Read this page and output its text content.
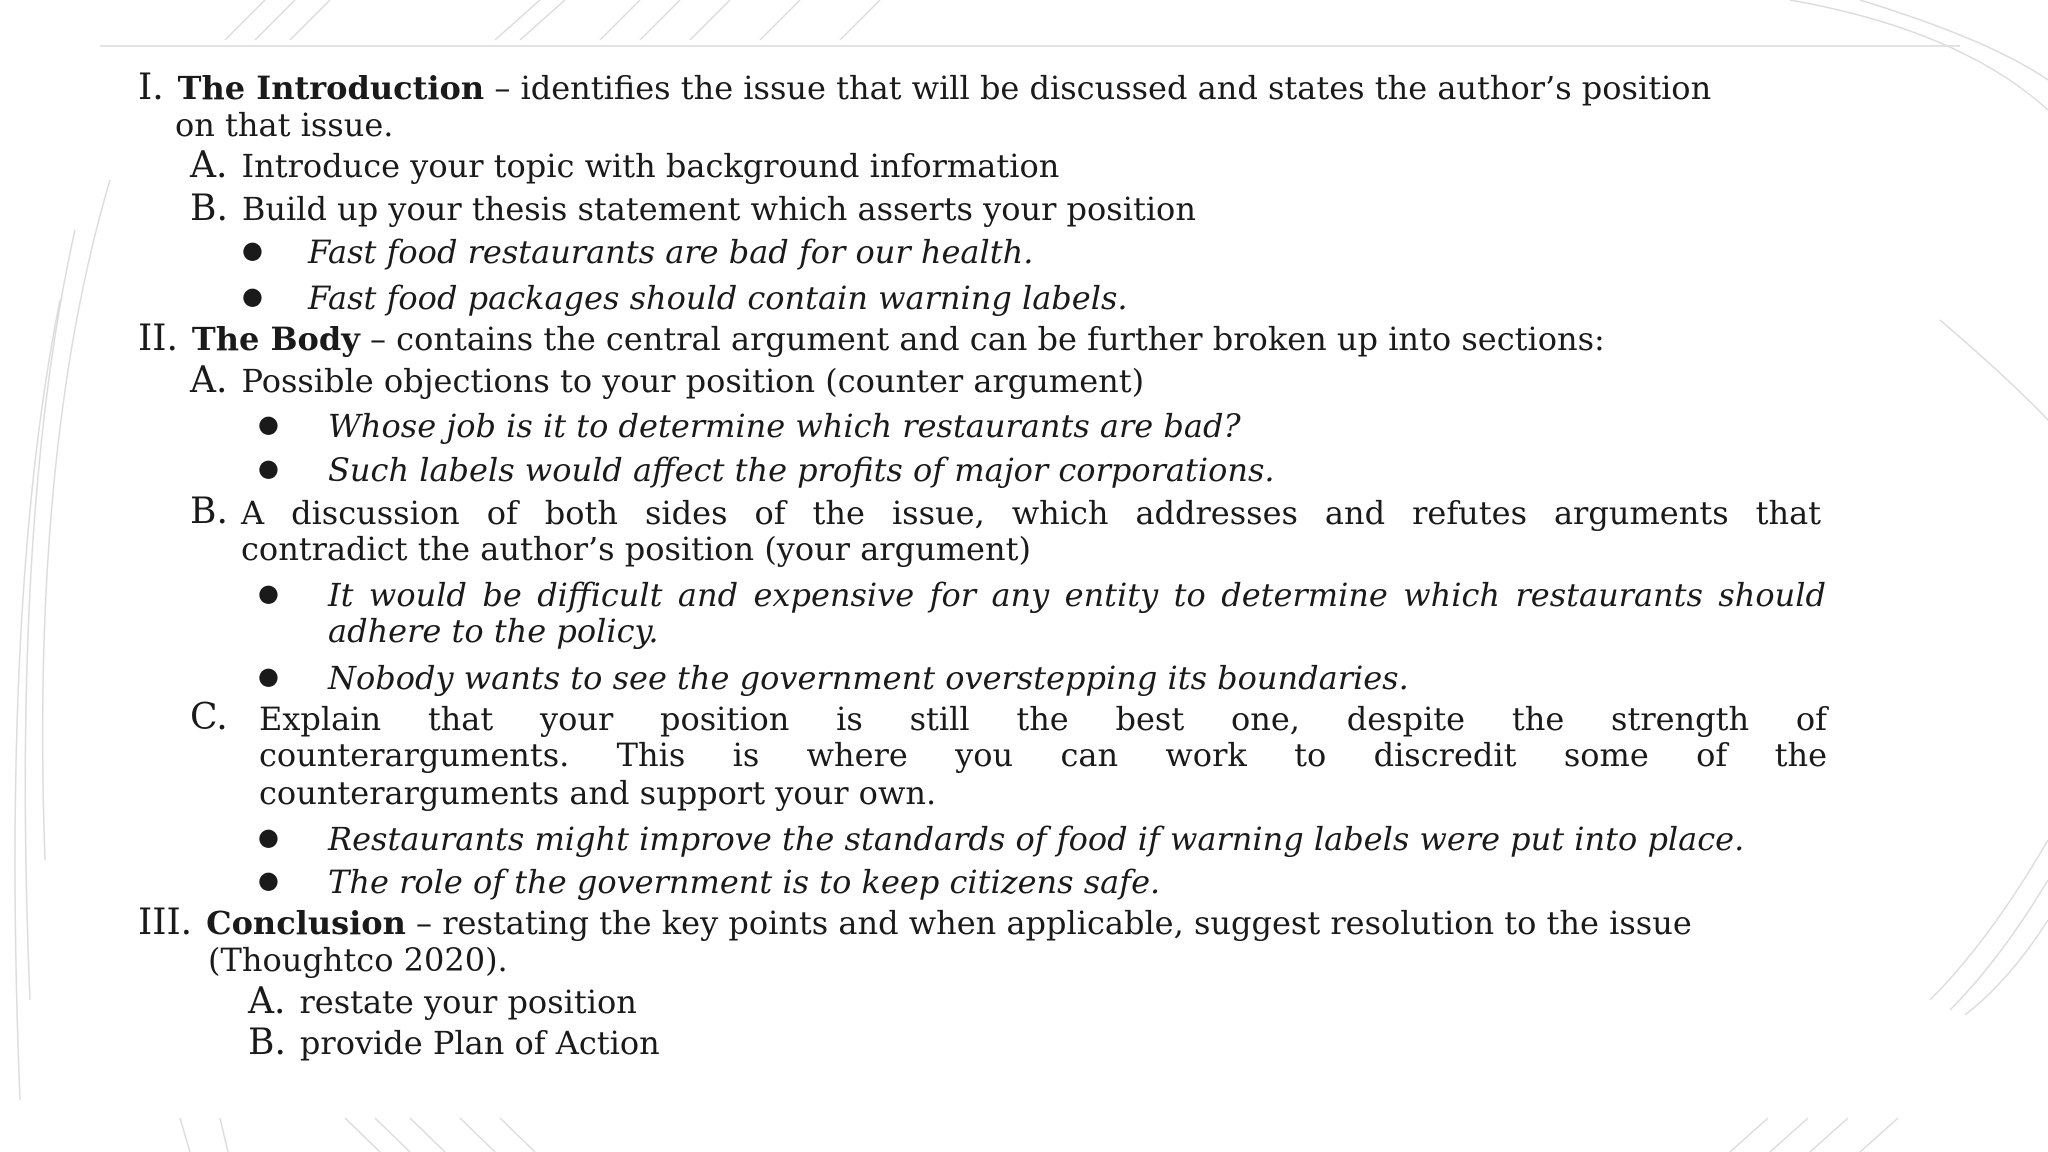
I. The Introduction – identifies the issue that will be discussed and states the author’s position
on that issue.
A. Introduce your topic with background information
B. Build up your thesis statement which asserts your position
● Fast food restaurants are bad for our health.
● Fast food packages should contain warning labels.
II. The Body – contains the central argument and can be further broken up into sections:
A. Possible objections to your position (counter argument)
● Whose job is it to determine which restaurants are bad?
● Such labels would affect the profits of major corporations.
B. A discussion of both sides of the issue, which addresses and refutes arguments that
contradict the author’s position (your argument)
● It would be difficult and expensive for any entity to determine which restaurants should
adhere to the policy.
● Nobody wants to see the government overstepping its boundaries.
C. Explain that your position is still the best one, despite the strength of
counterarguments. This is where you can work to discredit some of the
counterarguments and support your own.
● Restaurants might improve the standards of food if warning labels were put into place.
● The role of the government is to keep citizens safe.
III. Conclusion – restating the key points and when applicable, suggest resolution to the issue
(Thoughtco 2020).
A. restate your position
B. provide Plan of Action
